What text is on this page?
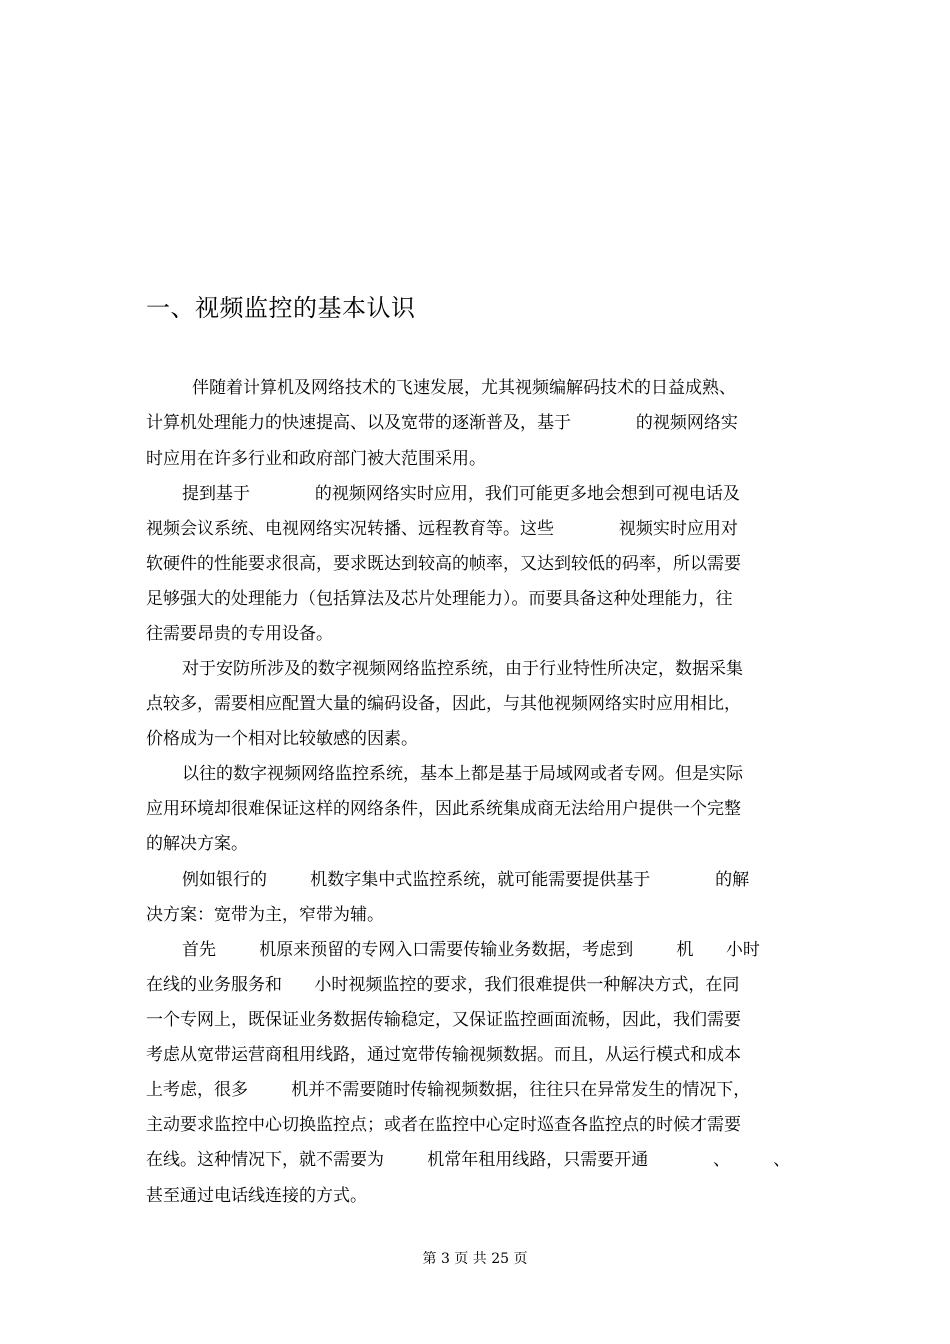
一、视频监控的基本认识
伴随着计算机及网络技术的飞速发展，尤其视频编解码技术的日益成熟、
计算机处理能力的快速提高、以及宽带的逐渐普及，基于            的视频网络实
时应用在许多行业和政府部门被大范围采用。
提到基于            的视频网络实时应用，我们可能更多地会想到可视电话及
视频会议系统、电视网络实况转播、远程教育等。这些            视频实时应用对
软硬件的性能要求很高，要求既达到较高的帧率，又达到较低的码率，所以需要
足够强大的处理能力（包括算法及芯片处理能力）。而要具备这种处理能力，往
往需要昂贵的专用设备。
对于安防所涉及的数字视频网络监控系统，由于行业特性所决定，数据采集
点较多，需要相应配置大量的编码设备，因此，与其他视频网络实时应用相比，
价格成为一个相对比较敏感的因素。
以往的数字视频网络监控系统，基本上都是基于局域网或者专网。但是实际
应用环境却很难保证这样的网络条件，因此系统集成商无法给用户提供一个完整
的解决方案。
例如银行的        机数字集中式监控系统，就可能需要提供基于            的解
决方案：宽带为主，窄带为辅。
首先        机原来预留的专网入口需要传输业务数据，考虑到        机      小时
在线的业务服务和      小时视频监控的要求，我们很难提供一种解决方式，在同
一个专网上，既保证业务数据传输稳定，又保证监控画面流畅，因此，我们需要
考虑从宽带运营商租用线路，通过宽带传输视频数据。而且，从运行模式和成本
上考虑，很多        机并不需要随时传输视频数据，往往只在异常发生的情况下，
主动要求监控中心切换监控点；或者在监控中心定时巡查各监控点的时候才需要
在线。这种情况下，就不需要为        机常年租用线路，只需要开通            、        、
甚至通过电话线连接的方式。
第 3 页 共 25 页
